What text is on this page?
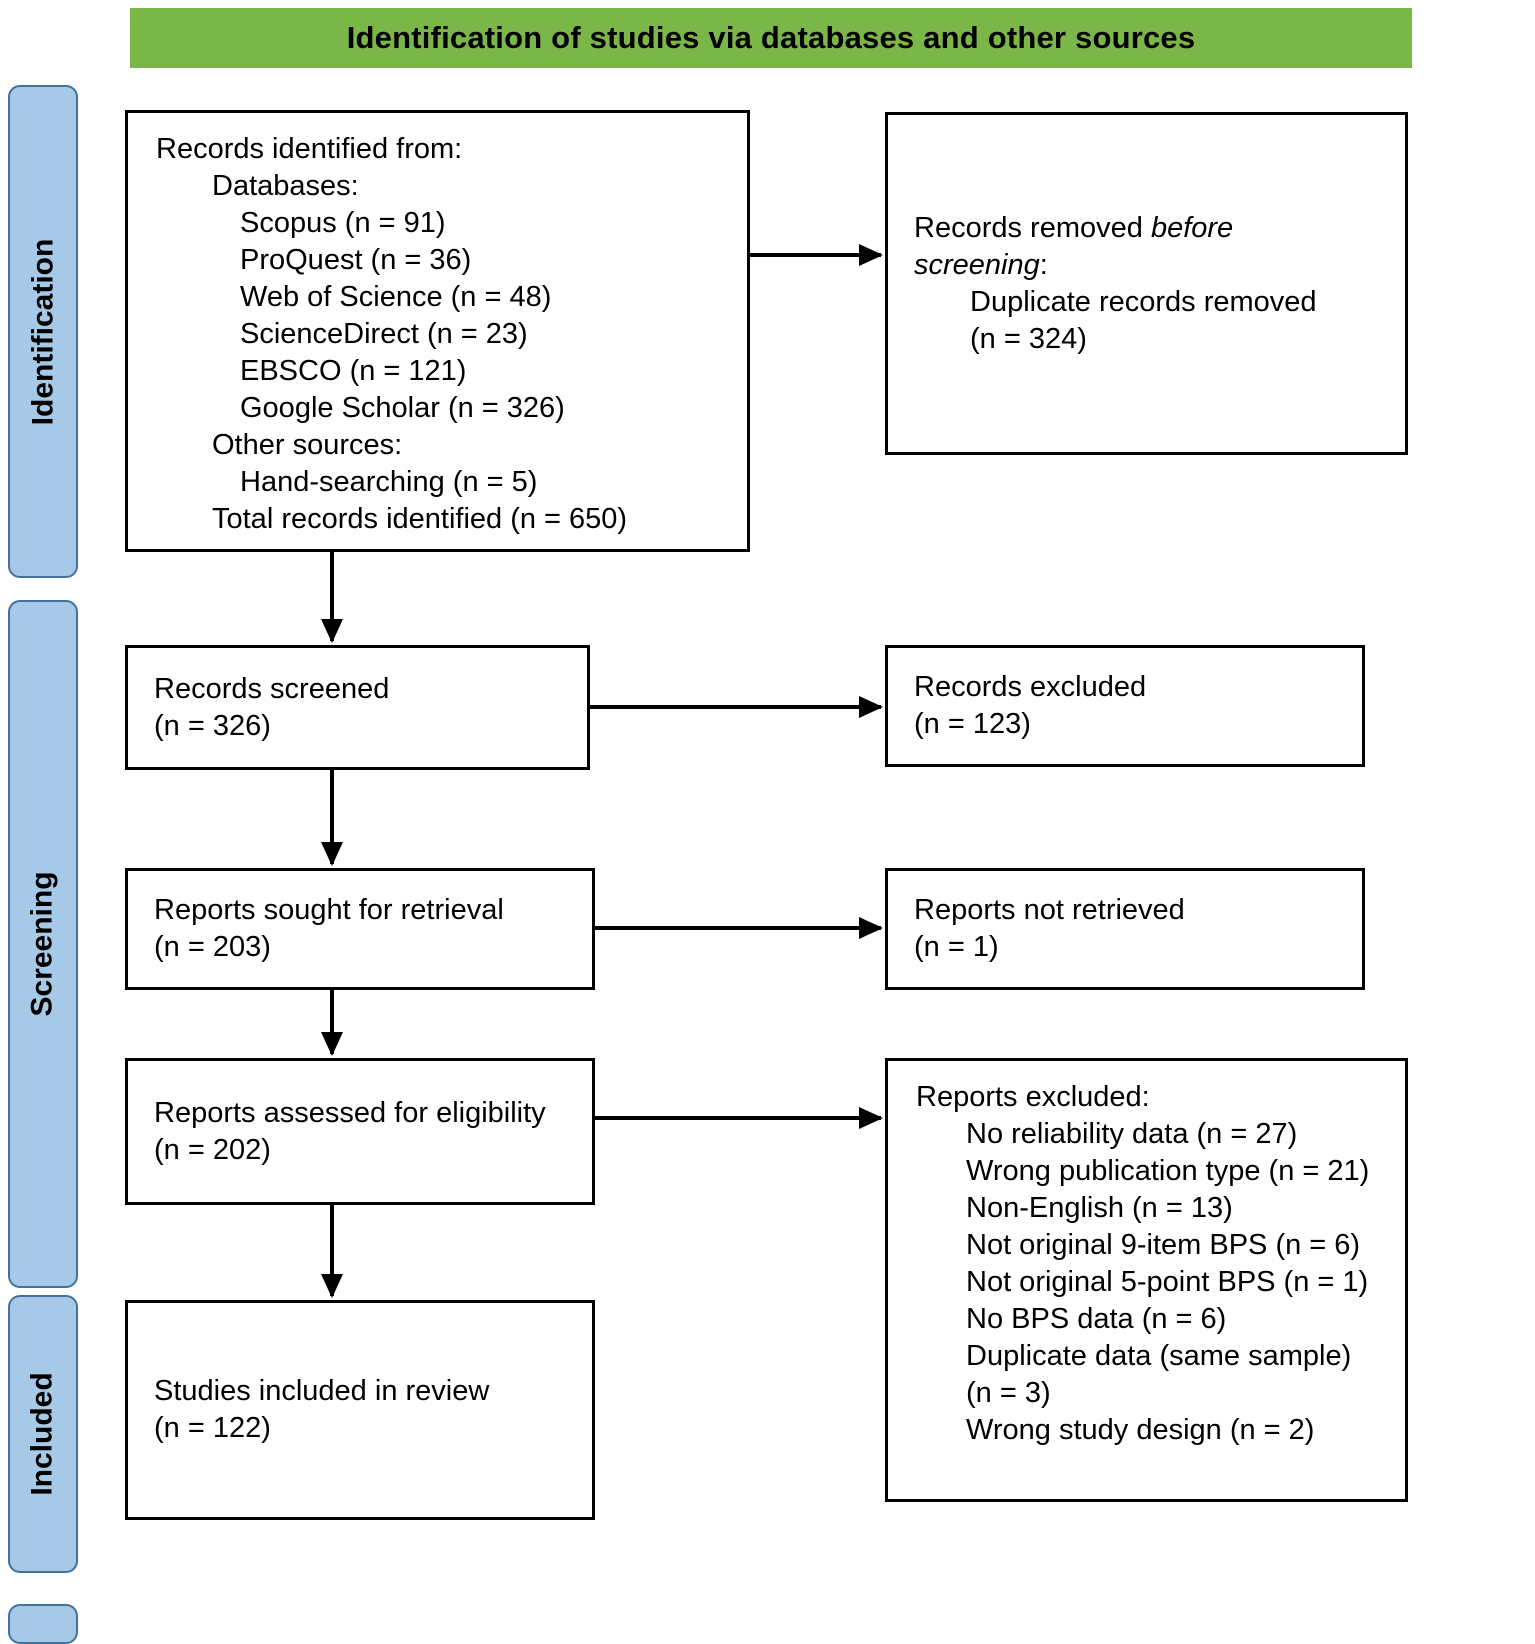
Identification of studies via databases and other sources
Identification
Screening
Included
Records identified from:
Databases:
Scopus (n = 91)
ProQuest (n = 36)
Web of Science (n = 48)
ScienceDirect (n = 23)
EBSCO (n = 121)
Google Scholar (n = 326)
Other sources:
Hand-searching (n = 5)
Total records identified (n = 650)
Records removed before screening:
Duplicate records removed (n = 324)
Records screened
(n = 326)
Records excluded
(n = 123)
Reports sought for retrieval
(n = 203)
Reports not retrieved
(n = 1)
Reports assessed for eligibility
(n = 202)
Reports excluded:
No reliability data (n = 27)
Wrong publication type (n = 21)
Non-English (n = 13)
Not original 9-item BPS (n = 6)
Not original 5-point BPS (n = 1)
No BPS data (n = 6)
Duplicate data (same sample) (n = 3)
Wrong study design (n = 2)
Studies included in review
(n = 122)
